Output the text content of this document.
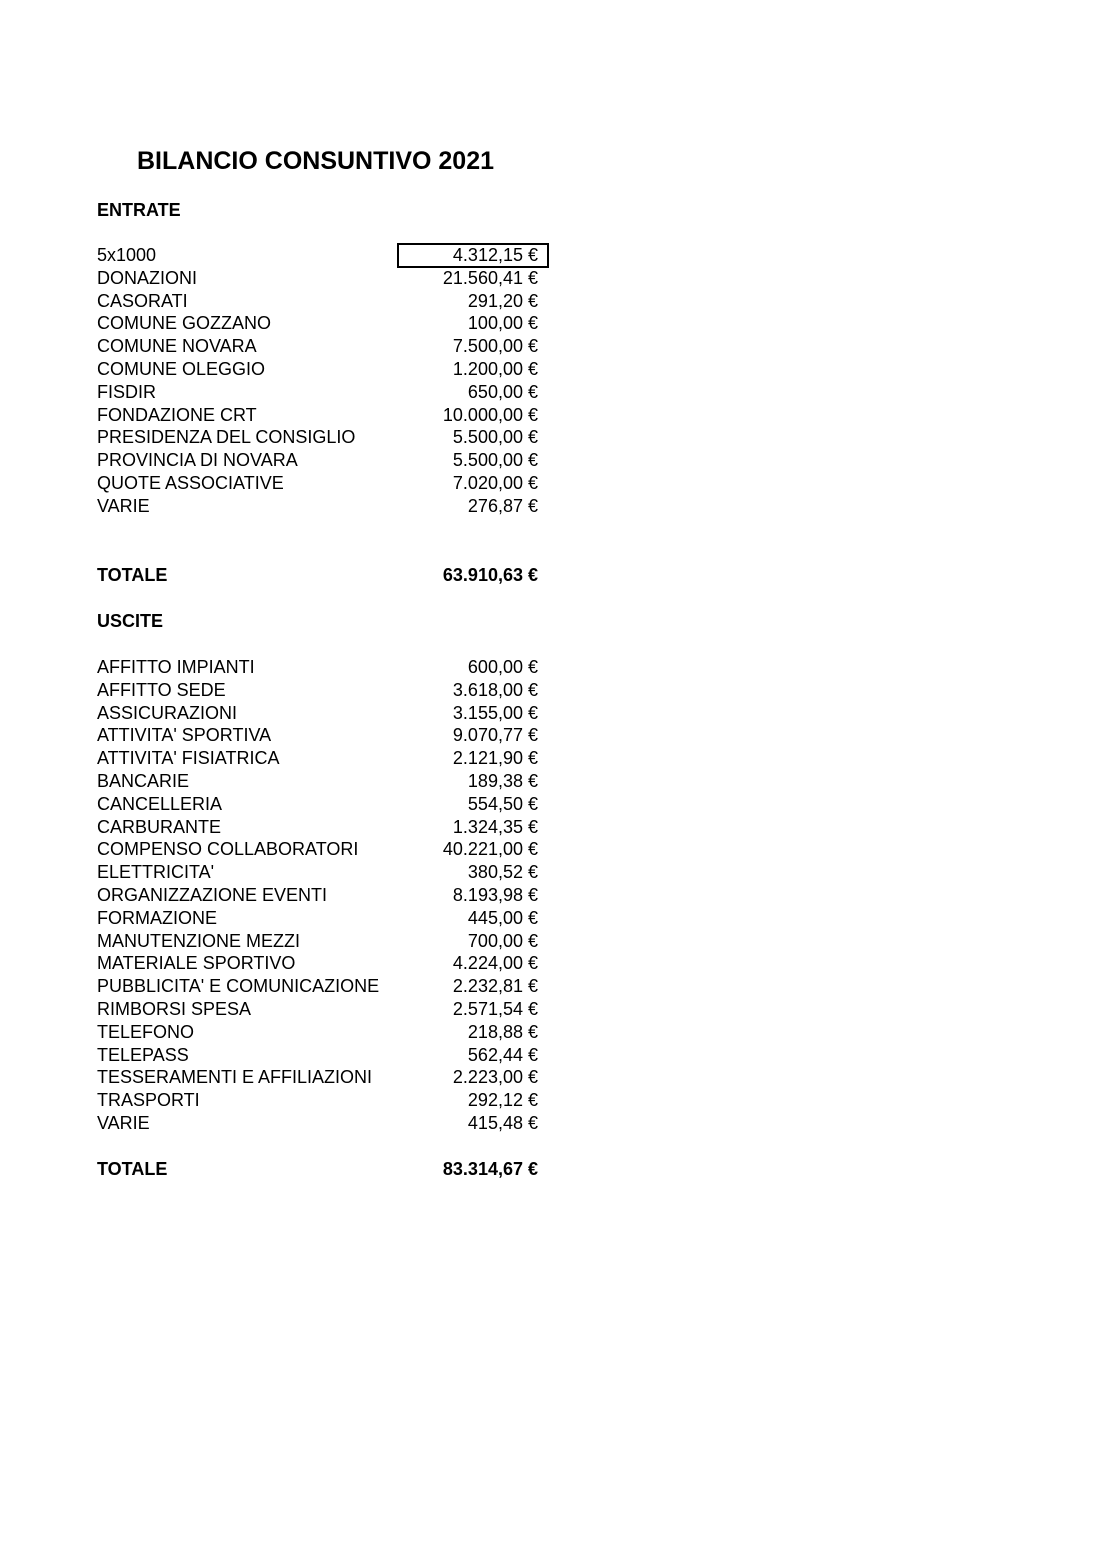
BILANCIO CONSUNTIVO 2021
ENTRATE
5x1000	4.312,15 €
DONAZIONI	21.560,41 €
CASORATI	291,20 €
COMUNE GOZZANO	100,00 €
COMUNE NOVARA	7.500,00 €
COMUNE OLEGGIO	1.200,00 €
FISDIR	650,00 €
FONDAZIONE CRT	10.000,00 €
PRESIDENZA DEL CONSIGLIO	5.500,00 €
PROVINCIA DI NOVARA	5.500,00 €
QUOTE ASSOCIATIVE	7.020,00 €
VARIE	276,87 €
TOTALE	63.910,63 €
USCITE
AFFITTO IMPIANTI	600,00 €
AFFITTO SEDE	3.618,00 €
ASSICURAZIONI	3.155,00 €
ATTIVITA' SPORTIVA	9.070,77 €
ATTIVITA' FISIATRICA	2.121,90 €
BANCARIE	189,38 €
CANCELLERIA	554,50 €
CARBURANTE	1.324,35 €
COMPENSO COLLABORATORI	40.221,00 €
ELETTRICITA'	380,52 €
ORGANIZZAZIONE EVENTI	8.193,98 €
FORMAZIONE	445,00 €
MANUTENZIONE MEZZI	700,00 €
MATERIALE SPORTIVO	4.224,00 €
PUBBLICITA' E COMUNICAZIONE	2.232,81 €
RIMBORSI SPESA	2.571,54 €
TELEFONO	218,88 €
TELEPASS	562,44 €
TESSERAMENTI E AFFILIAZIONI	2.223,00 €
TRASPORTI	292,12 €
VARIE	415,48 €
TOTALE	83.314,67 €
